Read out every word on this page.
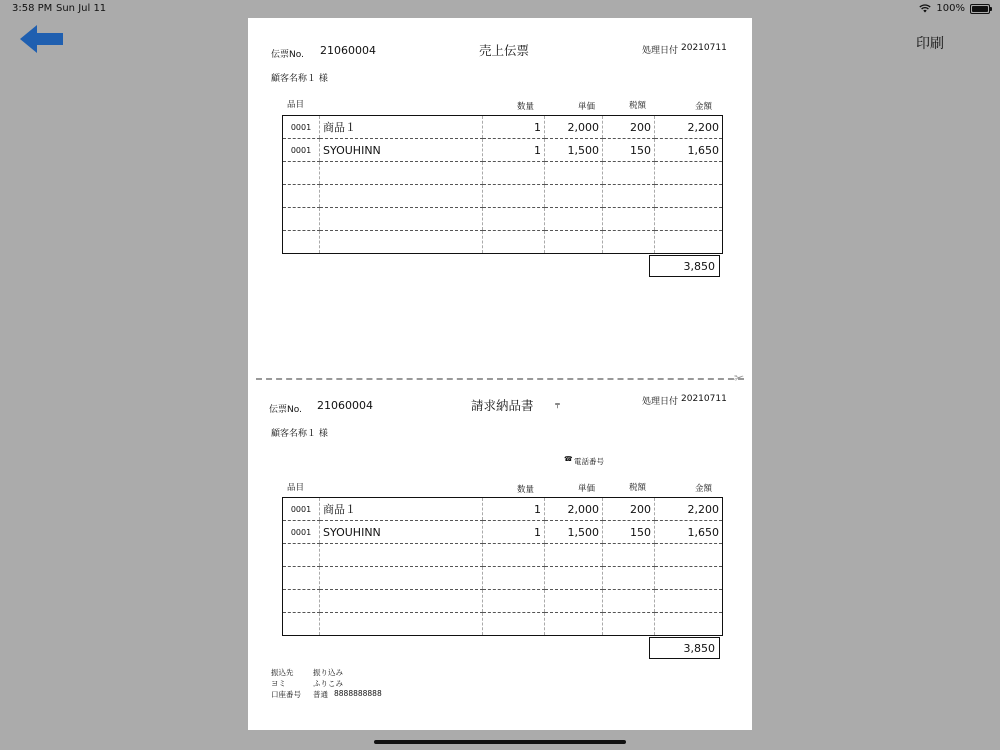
3:58 PM Sun Jul 11	100%
印刷
伝票No. 21060004	売上伝票	処理日付 20210711
顧客名称１ 様
品目	数量	単価	税額	金額
0001	商品１	1	2,000	200	2,200
0001	SYOUHINN	1	1,500	150	1,650

3,850
✂
伝票No. 21060004	請求納品書	〒	処理日付 20210711
顧客名称１ 様
☎ 電話番号
品目	数量	単価	税額	金額
0001	商品１	1	2,000	200	2,200
0001	SYOUHINN	1	1,500	150	1,650

3,850
振込先	振り込み
ヨミ	ふりこみ
口座番号 普通 8888888888
